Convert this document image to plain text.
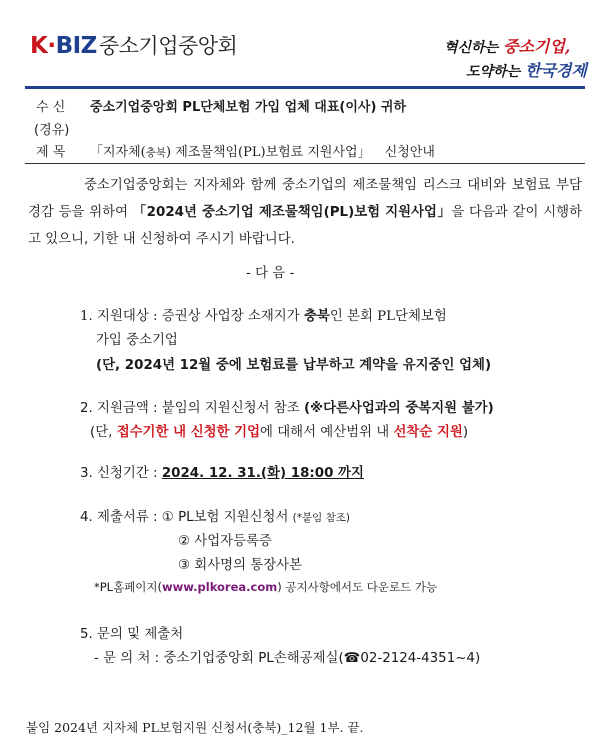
K·BIZ중소기업중앙회	혁신하는 중소기업,
도약하는 한국경제
수 신 중소기업중앙회 PL단체보험 가입 업체 대표(이사) 귀하
(경유)
제 목 「지자체(충북) 제조물책임(PL)보험료 지원사업」 신청안내
중소기업중앙회는 지자체와 함께 중소기업의 제조물책임 리스크 대비와 보험료 부담 경감 등을 위하여 「2024년 중소기업 제조물책임(PL)보험 지원사업」을 다음과 같이 시행하고 있으니, 기한 내 신청하여 주시기 바랍니다.
- 다 음 -
1. 지원대상 : 증권상 사업장 소재지가 충북인 본회 PL단체보험
가입 중소기업
(단, 2024년 12월 중에 보험료를 납부하고 계약을 유지중인 업체)
2. 지원금액 : 붙임의 지원신청서 참조 (※다른사업과의 중복지원 불가)
(단, 접수기한 내 신청한 기업에 대해서 예산범위 내 선착순 지원)
3. 신청기간 : 2024. 12. 31.(화) 18:00 까지
4. 제출서류 : ① PL보험 지원신청서 (*붙임 참조)
② 사업자등록증
③ 회사명의 통장사본
*PL홈페이지(www.plkorea.com) 공지사항에서도 다운로드 가능
5. 문의 및 제출처
- 문 의 처 : 중소기업중앙회 PL손해공제실(☎02-2124-4351~4)
붙임 2024년 지자체 PL보험지원 신청서(충북)_12월 1부. 끝.
